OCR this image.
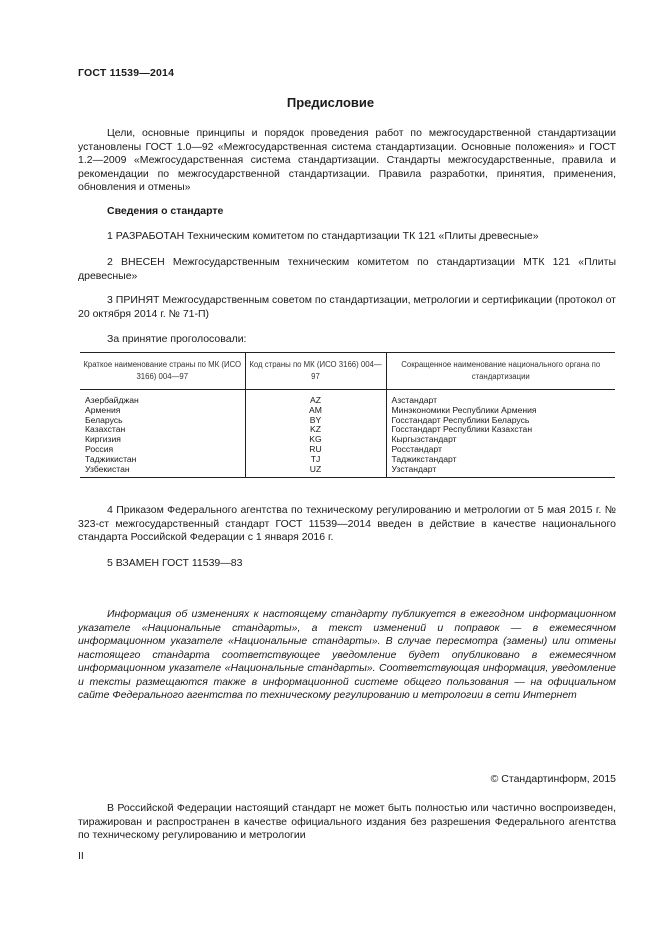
ГОСТ 11539—2014
Предисловие
Цели, основные принципы и порядок проведения работ по межгосударственной стандартизации установлены ГОСТ 1.0—92 «Межгосударственная система стандартизации. Основные положения» и ГОСТ 1.2—2009 «Межгосударственная система стандартизации. Стандарты межгосударственные, правила и рекомендации по межгосударственной стандартизации. Правила разработки, принятия, применения, обновления и отмены»
Сведения о стандарте
1 РАЗРАБОТАН Техническим комитетом по стандартизации ТК 121 «Плиты древесные»
2 ВНЕСЕН Межгосударственным техническим комитетом по стандартизации МТК 121 «Плиты древесные»
3 ПРИНЯТ Межгосударственным советом по стандартизации, метрологии и сертификации (протокол от 20 октября 2014 г. № 71-П)
За принятие проголосовали:
Краткое наименование страны по МК (ИСО 3166) 004—97	Код страны по МК (ИСО 3166) 004—97	Сокращенное наименование национального органа по стандартизации
Азербайджан	AZ	Азстандарт
Армения	AM	Минэкономики Республики Армения
Беларусь	BY	Госстандарт Республики Беларусь
Казахстан	KZ	Госстандарт Республики Казахстан
Киргизия	KG	Кыргызстандарт
Россия	RU	Росстандарт
Таджикистан	TJ	Таджикстандарт
Узбекистан	UZ	Узстандарт
4 Приказом Федерального агентства по техническому регулированию и метрологии от 5 мая 2015 г. № 323-ст межгосударственный стандарт ГОСТ 11539—2014 введен в действие в качестве национального стандарта Российской Федерации с 1 января 2016 г.
5 ВЗАМЕН ГОСТ 11539—83
Информация об изменениях к настоящему стандарту публикуется в ежегодном информационном указателе «Национальные стандарты», а текст изменений и поправок — в ежемесячном информационном указателе «Национальные стандарты». В случае пересмотра (замены) или отмены настоящего стандарта соответствующее уведомление будет опубликовано в ежемесячном информационном указателе «Национальные стандарты». Соответствующая информация, уведомление и тексты размещаются также в информационной системе общего пользования — на официальном сайте Федерального агентства по техническому регулированию и метрологии в сети Интернет
© Стандартинформ, 2015
В Российской Федерации настоящий стандарт не может быть полностью или частично воспроизведен, тиражирован и распространен в качестве официального издания без разрешения Федерального агентства по техническому регулированию и метрологии
II
